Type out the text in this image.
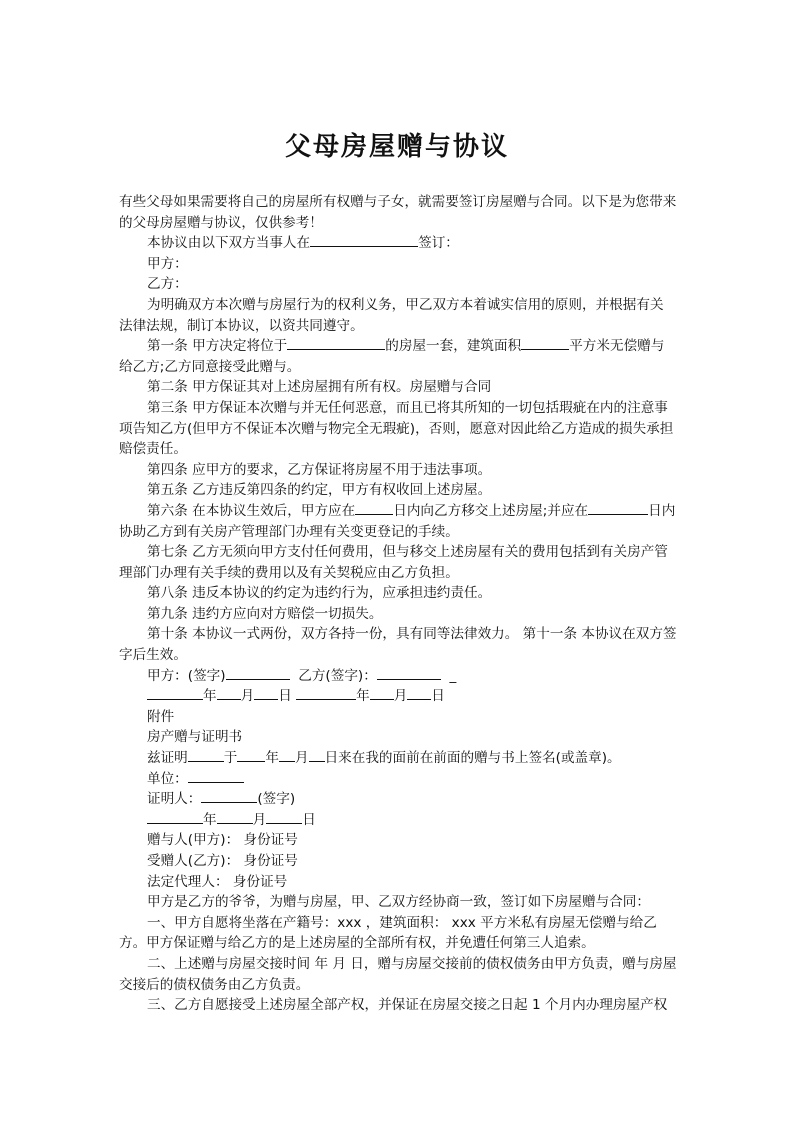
父母房屋赠与协议

有些父母如果需要将自己的房屋所有权赠与子女，就需要签订房屋赠与合同。以下是为您带来的父母房屋赠与协议，仅供参考！

本协议由以下双方当事人在	签订：

甲方：

乙方：

为明确双方本次赠与房屋行为的权利义务，甲乙双方本着诚实信用的原则，并根据有关法律法规，制订本协议，以资共同遵守。

第一条 甲方决定将位于	的房屋一套，建筑面积	平方米无偿赠与给乙方;乙方同意接受此赠与。

第二条 甲方保证其对上述房屋拥有所有权。房屋赠与合同

第三条 甲方保证本次赠与并无任何恶意，而且已将其所知的一切包括瑕疵在内的注意事项告知乙方(但甲方不保证本次赠与物完全无瑕疵)，否则，愿意对因此给乙方造成的损失承担赔偿责任。

第四条 应甲方的要求，乙方保证将房屋不用于违法事项。

第五条 乙方违反第四条的约定，甲方有权收回上述房屋。

第六条 在本协议生效后，甲方应在	日内向乙方移交上述房屋;并应在	日内协助乙方到有关房产管理部门办理有关变更登记的手续。

第七条 乙方无须向甲方支付任何费用，但与移交上述房屋有关的费用包括到有关房产管理部门办理有关手续的费用以及有关契税应由乙方负担。

第八条 违反本协议的约定为违约行为，应承担违约责任。

第九条 违约方应向对方赔偿一切损失。

第十条 本协议一式两份，双方各持一份，具有同等法律效力。 第十一条 本协议在双方签字后生效。

甲方：(签字)	乙方(签字)：	_

年 月 日	年 月 日

附件

房产赠与证明书

兹证明	于 年 月 日来在我的面前在前面的赠与书上签名(或盖章)。

单位：

证明人：	(签字)

年	月	日

赠与人(甲方)： 身份证号

受赠人(乙方)： 身份证号

法定代理人： 身份证号

甲方是乙方的爷爷，为赠与房屋，甲、乙双方经协商一致，签订如下房屋赠与合同：

一、甲方自愿将坐落在产籍号：xxx ，建筑面积： xxx 平方米私有房屋无偿赠与给乙方。甲方保证赠与给乙方的是上述房屋的全部所有权，并免遭任何第三人追索。

二、上述赠与房屋交接时间 年 月 日，赠与房屋交接前的债权债务由甲方负责，赠与房屋交接后的债权债务由乙方负责。

三、乙方自愿接受上述房屋全部产权，并保证在房屋交接之日起 1 个月内办理房屋产权
